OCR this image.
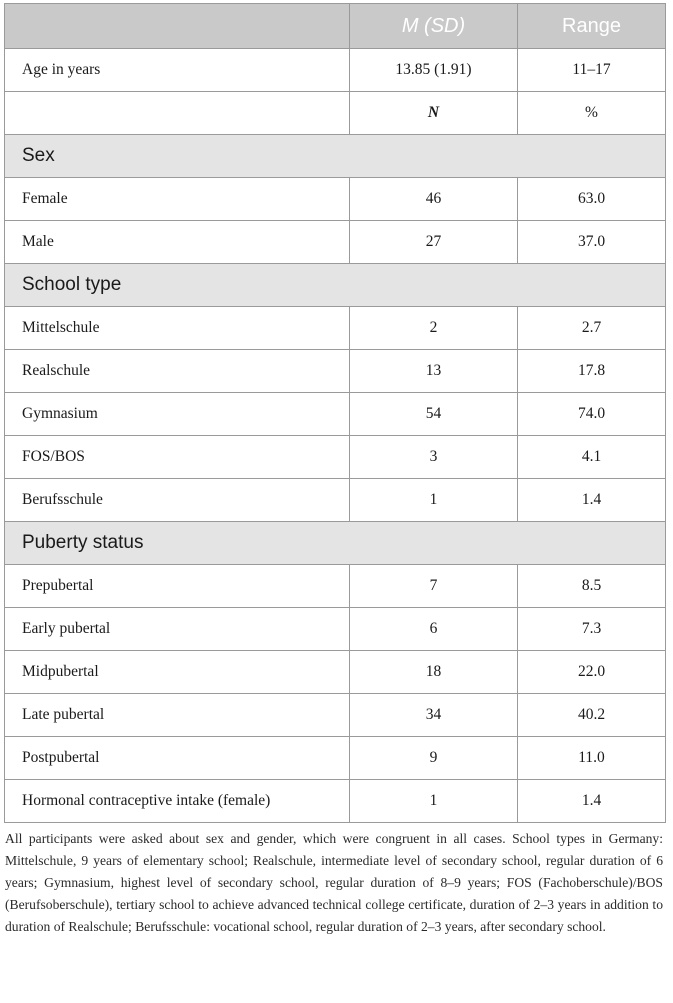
	M (SD)	Range
Age in years	13.85 (1.91)	11–17
	N	%
Sex		
Female	46	63.0
Male	27	37.0
School type		
Mittelschule	2	2.7
Realschule	13	17.8
Gymnasium	54	74.0
FOS/BOS	3	4.1
Berufsschule	1	1.4
Puberty status		
Prepubertal	7	8.5
Early pubertal	6	7.3
Midpubertal	18	22.0
Late pubertal	34	40.2
Postpubertal	9	11.0
Hormonal contraceptive intake (female)	1	1.4
All participants were asked about sex and gender, which were congruent in all cases. School types in Germany: Mittelschule, 9 years of elementary school; Realschule, intermediate level of secondary school, regular duration of 6 years; Gymnasium, highest level of secondary school, regular duration of 8–9 years; FOS (Fachoberschule)/BOS (Berufsoberschule), tertiary school to achieve advanced technical college certificate, duration of 2–3 years in addition to duration of Realschule; Berufsschule: vocational school, regular duration of 2–3 years, after secondary school.
